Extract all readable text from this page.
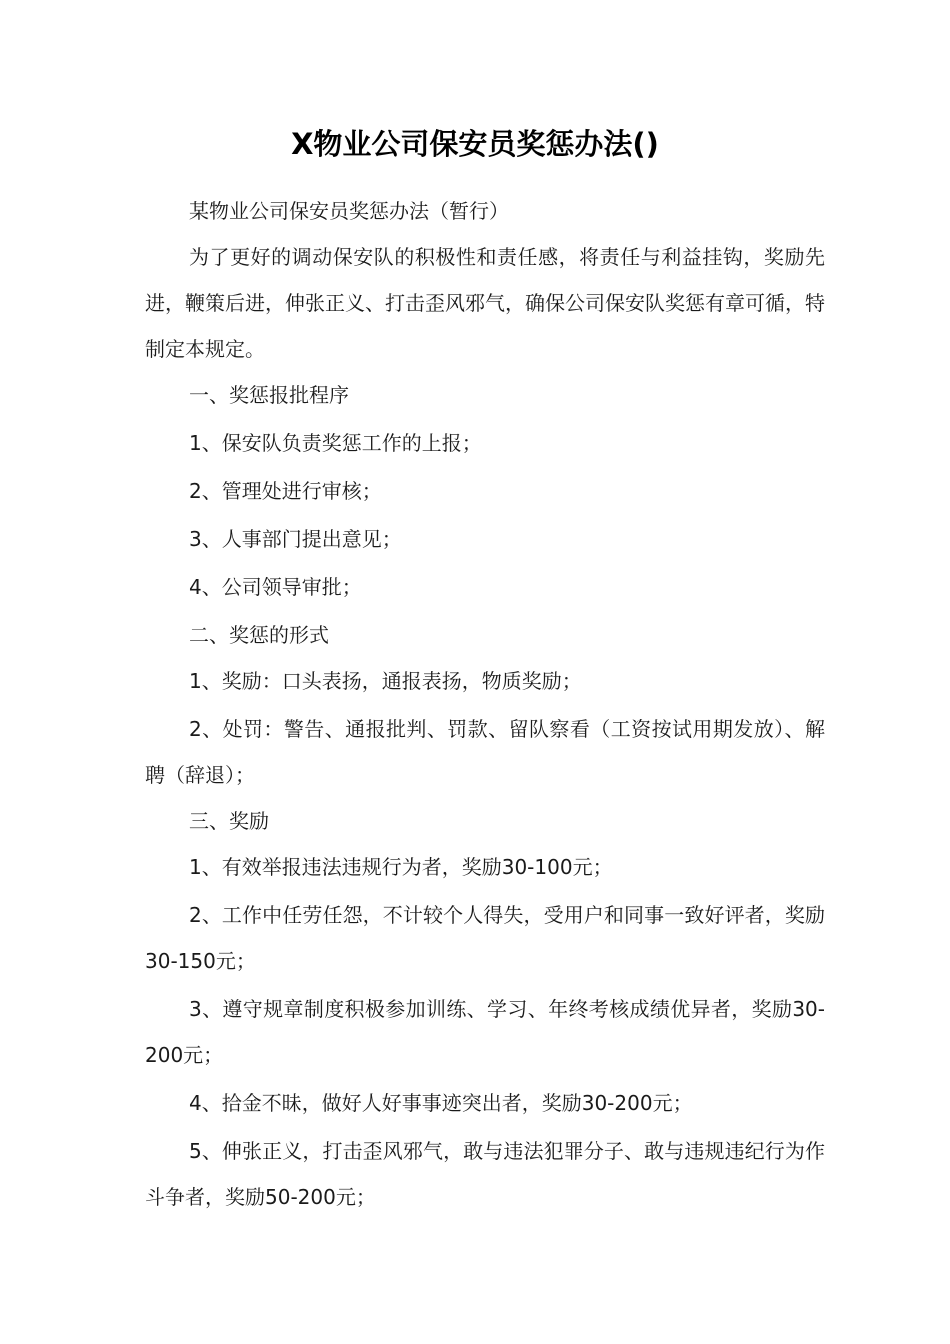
X物业公司保安员奖惩办法()

某物业公司保安员奖惩办法（暂行）

为了更好的调动保安队的积极性和责任感，将责任与利益挂钩，奖励先进，鞭策后进，伸张正义、打击歪风邪气，确保公司保安队奖惩有章可循，特制定本规定。

一、奖惩报批程序

1、保安队负责奖惩工作的上报；

2、管理处进行审核；

3、人事部门提出意见；

4、公司领导审批；

二、奖惩的形式

1、奖励：口头表扬，通报表扬，物质奖励；

2、处罚：警告、通报批判、罚款、留队察看（工资按试用期发放）、解聘（辞退）；

三、奖励

1、有效举报违法违规行为者，奖励30-100元；

2、工作中任劳任怨，不计较个人得失，受用户和同事一致好评者，奖励30-150元；

3、遵守规章制度积极参加训练、学习、年终考核成绩优异者，奖励30-200元；

4、拾金不昧，做好人好事事迹突出者，奖励30-200元；

5、伸张正义，打击歪风邪气，敢与违法犯罪分子、敢与违规违纪行为作斗争者，奖励50-200元；
